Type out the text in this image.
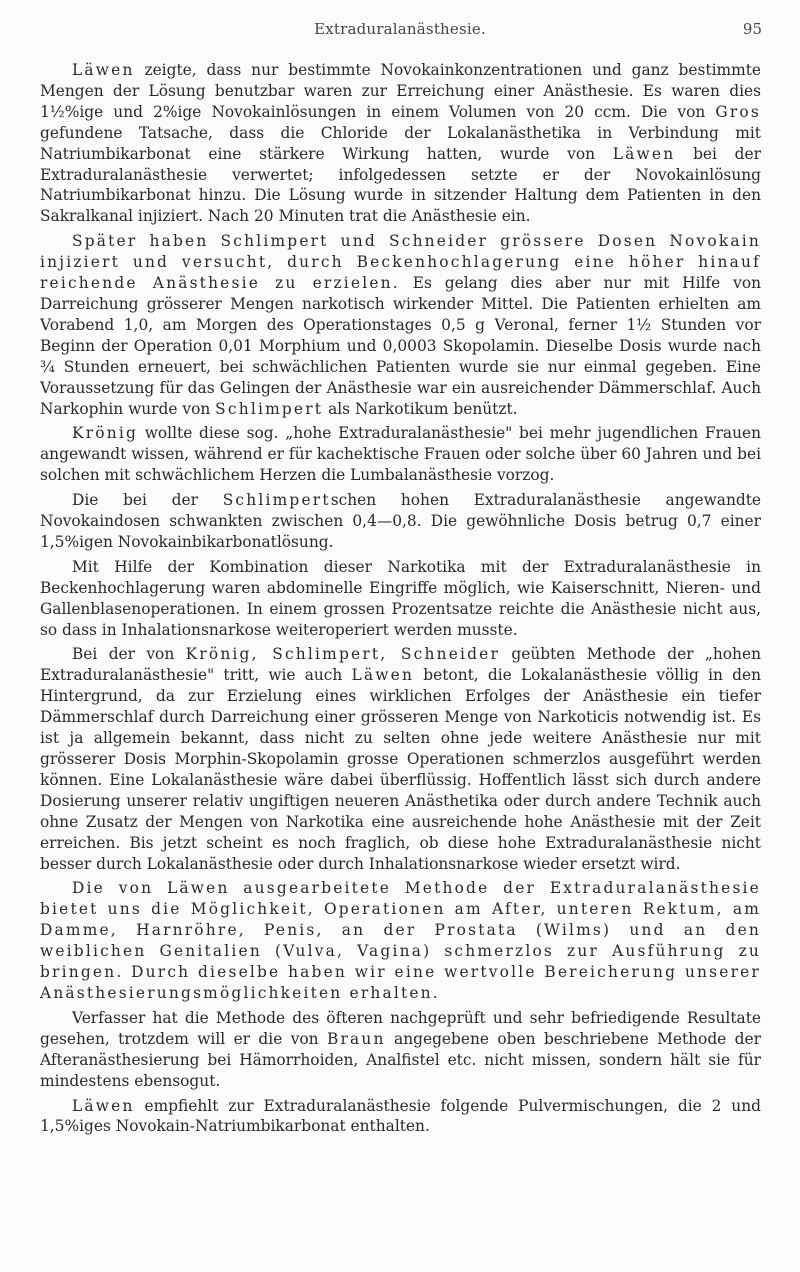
Extraduralanästhesie.	95

Läwen zeigte, dass nur bestimmte Novokainkonzentrationen und ganz bestimmte Mengen der Lösung benutzbar waren zur Erreichung einer Anästhesie. Es waren dies 1½%ige und 2%ige Novokainlösungen in einem Volumen von 20 ccm. Die von Gros gefundene Tatsache, dass die Chloride der Lokalanästhetika in Verbindung mit Natriumbikarbonat eine stärkere Wirkung hatten, wurde von Läwen bei der Extraduralanästhesie verwertet; infolgedessen setzte er der Novokainlösung Natriumbikarbonat hinzu. Die Lösung wurde in sitzender Haltung dem Patienten in den Sakralkanal injiziert. Nach 20 Minuten trat die Anästhesie ein.

Später haben Schlimpert und Schneider grössere Dosen Novokain injiziert und versucht, durch Beckenhochlagerung eine höher hinauf reichende Anästhesie zu erzielen. Es gelang dies aber nur mit Hilfe von Darreichung grösserer Mengen narkotisch wirkender Mittel. Die Patienten erhielten am Vorabend 1,0, am Morgen des Operationstages 0,5 g Veronal, ferner 1½ Stunden vor Beginn der Operation 0,01 Morphium und 0,0003 Skopolamin. Dieselbe Dosis wurde nach ¾ Stunden erneuert, bei schwächlichen Patienten wurde sie nur einmal gegeben. Eine Voraussetzung für das Gelingen der Anästhesie war ein ausreichender Dämmerschlaf. Auch Narkophin wurde von Schlimpert als Narkotikum benützt.

Krönig wollte diese sog. „hohe Extraduralanästhesie" bei mehr jugendlichen Frauen angewandt wissen, während er für kachektische Frauen oder solche über 60 Jahren und bei solchen mit schwächlichem Herzen die Lumbalanästhesie vorzog.

Die bei der Schlimpertschen hohen Extraduralanästhesie angewandte Novokaindosen schwankten zwischen 0,4—0,8. Die gewöhnliche Dosis betrug 0,7 einer 1,5%igen Novokainbikarbonatlösung.

Mit Hilfe der Kombination dieser Narkotika mit der Extraduralanästhesie in Beckenhochlagerung waren abdominelle Eingriffe möglich, wie Kaiserschnitt, Nieren- und Gallenblasenoperationen. In einem grossen Prozentsatze reichte die Anästhesie nicht aus, so dass in Inhalationsnarkose weiteroperiert werden musste.

Bei der von Krönig, Schlimpert, Schneider geübten Methode der „hohen Extraduralanästhesie" tritt, wie auch Läwen betont, die Lokalanästhesie völlig in den Hintergrund, da zur Erzielung eines wirklichen Erfolges der Anästhesie ein tiefer Dämmerschlaf durch Darreichung einer grösseren Menge von Narkoticis notwendig ist. Es ist ja allgemein bekannt, dass nicht zu selten ohne jede weitere Anästhesie nur mit grösserer Dosis Morphin-Skopolamin grosse Operationen schmerzlos ausgeführt werden können. Eine Lokalanästhesie wäre dabei überflüssig. Hoffentlich lässt sich durch andere Dosierung unserer relativ ungiftigen neueren Anästhetika oder durch andere Technik auch ohne Zusatz der Mengen von Narkotika eine ausreichende hohe Anästhesie mit der Zeit erreichen. Bis jetzt scheint es noch fraglich, ob diese hohe Extraduralanästhesie nicht besser durch Lokalanästhesie oder durch Inhalationsnarkose wieder ersetzt wird.

Die von Läwen ausgearbeitete Methode der Extraduralanästhesie bietet uns die Möglichkeit, Operationen am After, unteren Rektum, am Damme, Harnröhre, Penis, an der Prostata (Wilms) und an den weiblichen Genitalien (Vulva, Vagina) schmerzlos zur Ausführung zu bringen. Durch dieselbe haben wir eine wertvolle Bereicherung unserer Anästhesierungsmöglichkeiten erhalten.

Verfasser hat die Methode des öfteren nachgeprüft und sehr befriedigende Resultate gesehen, trotzdem will er die von Braun angegebene oben beschriebene Methode der Afteranästhesierung bei Hämorrhoiden, Analfistel etc. nicht missen, sondern hält sie für mindestens ebensogut.

Läwen empfiehlt zur Extraduralanästhesie folgende Pulvermischungen, die 2 und 1,5%iges Novokain-Natriumbikarbonat enthalten.
